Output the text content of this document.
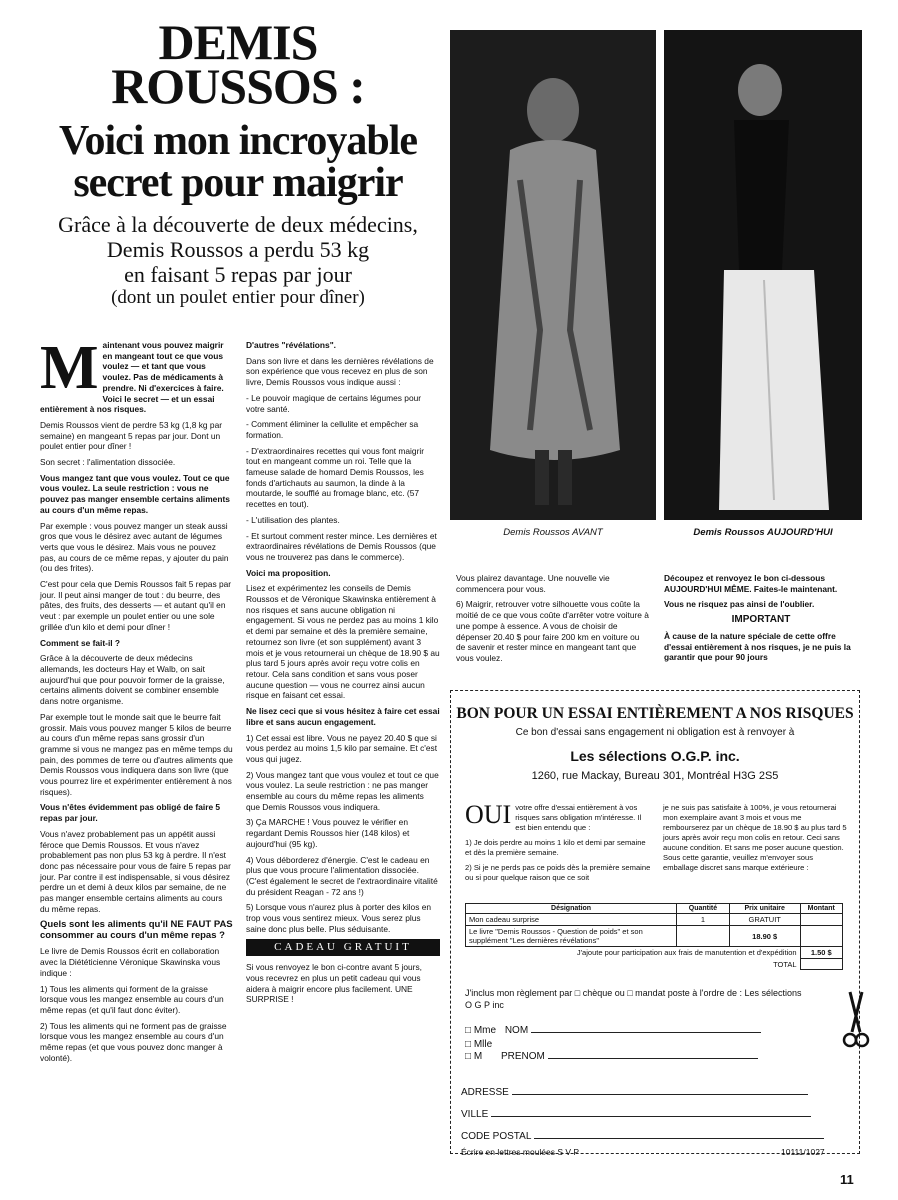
DEMIS
ROUSSOS :
Voici mon incroyable
secret pour maigrir
Grâce à la découverte de deux médecins,
Demis Roussos a perdu 53 kg
en faisant 5 repas par jour
(dont un poulet entier pour dîner)

Maintenant vous pouvez maigrir en mangeant tout ce que vous voulez — et tant que vous voulez. Pas de médicaments à prendre. Ni d'exercices à faire. Voici le secret — et un essai entièrement à nos risques.

Demis Roussos vient de perdre 53 kg (1,8 kg par semaine) en mangeant 5 repas par jour. Dont un poulet entier pour dîner !

Son secret : l'alimentation dissociée.

Vous mangez tant que vous voulez. Tout ce que vous voulez. La seule restriction : vous ne pouvez pas manger ensemble certains aliments au cours d'un même repas.

Par exemple : vous pouvez manger un steak aussi gros que vous le désirez avec autant de légumes verts que vous le désirez. Mais vous ne pouvez pas, au cours de ce même repas, y ajouter du pain (ou des frites).

C'est pour cela que Demis Roussos fait 5 repas par jour. Il peut ainsi manger de tout : du beurre, des pâtes, des fruits, des desserts — et autant qu'il en veut : par exemple un poulet entier ou une sole grillée d'un kilo et demi pour dîner !

Comment se fait-il ?

Grâce à la découverte de deux médecins allemands, les docteurs Hay et Walb, on sait aujourd'hui que pour pouvoir former de la graisse, certains aliments doivent se combiner ensemble dans notre organisme.

Par exemple tout le monde sait que le beurre fait grossir. Mais vous pouvez manger 5 kilos de beurre au cours d'un même repas sans grossir d'un gramme si vous ne mangez pas en même temps du pain, des pommes de terre ou d'autres aliments que Demis Roussos vous indiquera dans son livre (que vous pourrez lire et expérimenter entièrement à nos risques).

Vous n'êtes évidemment pas obligé de faire 5 repas par jour.

Vous n'avez probablement pas un appétit aussi féroce que Demis Roussos. Et vous n'avez probablement pas non plus 53 kg à perdre. Il n'est donc pas nécessaire pour vous de faire 5 repas par jour. Par contre il est indispensable, si vous désirez perdre un et demi à deux kilos par semaine, de ne pas manger ensemble certains aliments au cours du même repas.

Quels sont les aliments qu'il NE FAUT PAS consommer au cours d'un même repas ?

Le livre de Demis Roussos écrit en collaboration avec la Diététicienne Véronique Skawinska vous indique :

1) Tous les aliments qui forment de la graisse lorsque vous les mangez ensemble au cours d'un même repas (et qu'il faut donc éviter).

2) Tous les aliments qui ne forment pas de graisse lorsque vous les mangez ensemble au cours d'un même repas (et que vous pouvez donc manger à volonté).

D'autres "révélations".

Dans son livre et dans les dernières révélations de son expérience que vous recevez en plus de son livre, Demis Roussos vous indique aussi :

- Le pouvoir magique de certains légumes pour votre santé.

- Comment éliminer la cellulite et empêcher sa formation.

- D'extraordinaires recettes qui vous font maigrir tout en mangeant comme un roi. Telle que la fameuse salade de homard Demis Roussos, les fonds d'artichauts au saumon, la dinde à la moutarde, le soufflé au fromage blanc, etc. (57 recettes en tout).

- L'utilisation des plantes.

- Et surtout comment rester mince. Les dernières et extraordinaires révélations de Demis Roussos (que vous ne trouverez pas dans le commerce).

Voici ma proposition.

Lisez et expérimentez les conseils de Demis Roussos et de Véronique Skawinska entièrement à nos risques et sans aucune obligation ni engagement. Si vous ne perdez pas au moins 1 kilo et demi par semaine et dès la première semaine, retournez son livre (et son supplément) avant 3 mois et je vous retournerai un chèque de 18.90 $ au plus tard 5 jours après avoir reçu votre colis en retour. Cela sans condition et sans vous poser aucune question — vous ne courrez ainsi aucun risque en faisant cet essai.

Ne lisez ceci que si vous hésitez à faire cet essai libre et sans aucun engagement.

1) Cet essai est libre. Vous ne payez 20.40 $ que si vous perdez au moins 1,5 kilo par semaine. Et c'est vous qui jugez.

2) Vous mangez tant que vous voulez et tout ce que vous voulez. La seule restriction : ne pas manger ensemble au cours du même repas les aliments que Demis Roussos vous indiquera.

3) Ça MARCHE ! Vous pouvez le vérifier en regardant Demis Roussos hier (148 kilos) et aujourd'hui (95 kg).

4) Vous déborderez d'énergie. C'est le cadeau en plus que vous procure l'alimentation dissociée. (C'est également le secret de l'extraordinaire vitalité du président Reagan - 72 ans !)

5) Lorsque vous n'aurez plus à porter des kilos en trop vous vous sentirez mieux. Vous serez plus saine donc plus belle. Plus séduisante.

CADEAU GRATUIT

Si vous renvoyez le bon ci-contre avant 5 jours, vous recevrez en plus un petit cadeau qui vous aidera à maigrir encore plus facilement. UNE SURPRISE !

Demis Roussos AVANT	Demis Roussos AUJOURD'HUI

Vous plairez davantage. Une nouvelle vie commencera pour vous.

6) Maigrir, retrouver votre silhouette vous coûte la moitié de ce que vous coûte d'arrêter votre voiture à une pompe à essence. A vous de choisir de dépenser 20.40 $ pour faire 200 km en voiture ou de savenir et rester mince en mangeant tant que vous voulez.

Découpez et renvoyez le bon ci-dessous AUJOURD'HUI MÊME. Faites-le maintenant.

Vous ne risquez pas ainsi de l'oublier.

IMPORTANT

À cause de la nature spéciale de cette offre d'essai entièrement à nos risques, je ne puis la garantir que pour 90 jours

BON POUR UN ESSAI ENTIÈREMENT A NOS RISQUES
Ce bon d'essai sans engagement ni obligation est à renvoyer à
Les sélections O.G.P. inc.
1260, rue Mackay, Bureau 301, Montréal H3G 2S5
OUI votre offre d'essai entièrement à vos risques sans obligation m'intéresse. Il est bien entendu que :

1) Je dois perdre au moins 1 kilo et demi par semaine et dès la première semaine.

2) Si je ne perds pas ce poids dès la première semaine ou si pour quelque raison que ce soit

je ne suis pas satisfaite à 100%, je vous retournerai mon exemplaire avant 3 mois et vous me rembourserez par un chèque de 18.90 $ au plus tard 5 jours après avoir reçu mon colis en retour. Ceci sans aucune condition. Et sans me poser aucune question. Sous cette garantie, veuillez m'envoyer sous emballage discret sans marque extérieure :

Désignation	Quantité	Prix unitaire	Montant
Mon cadeau surprise	1	GRATUIT	
Le livre "Demis Roussos - Question de poids" et son supplément "Les dernières révélations"		18.90 $	
J'ajoute pour participation aux frais de manutention et d'expédition			1.50 $
TOTAL			
J'inclus mon règlement par □ chèque ou □ mandat poste à l'ordre de : Les sélections O G P inc
□ Mme NOM
□ Mlle
□ M PRENOM
ADRESSE
VILLE
CODE POSTAL
Écrire en lettres moulées S V P	10111/1027
11
